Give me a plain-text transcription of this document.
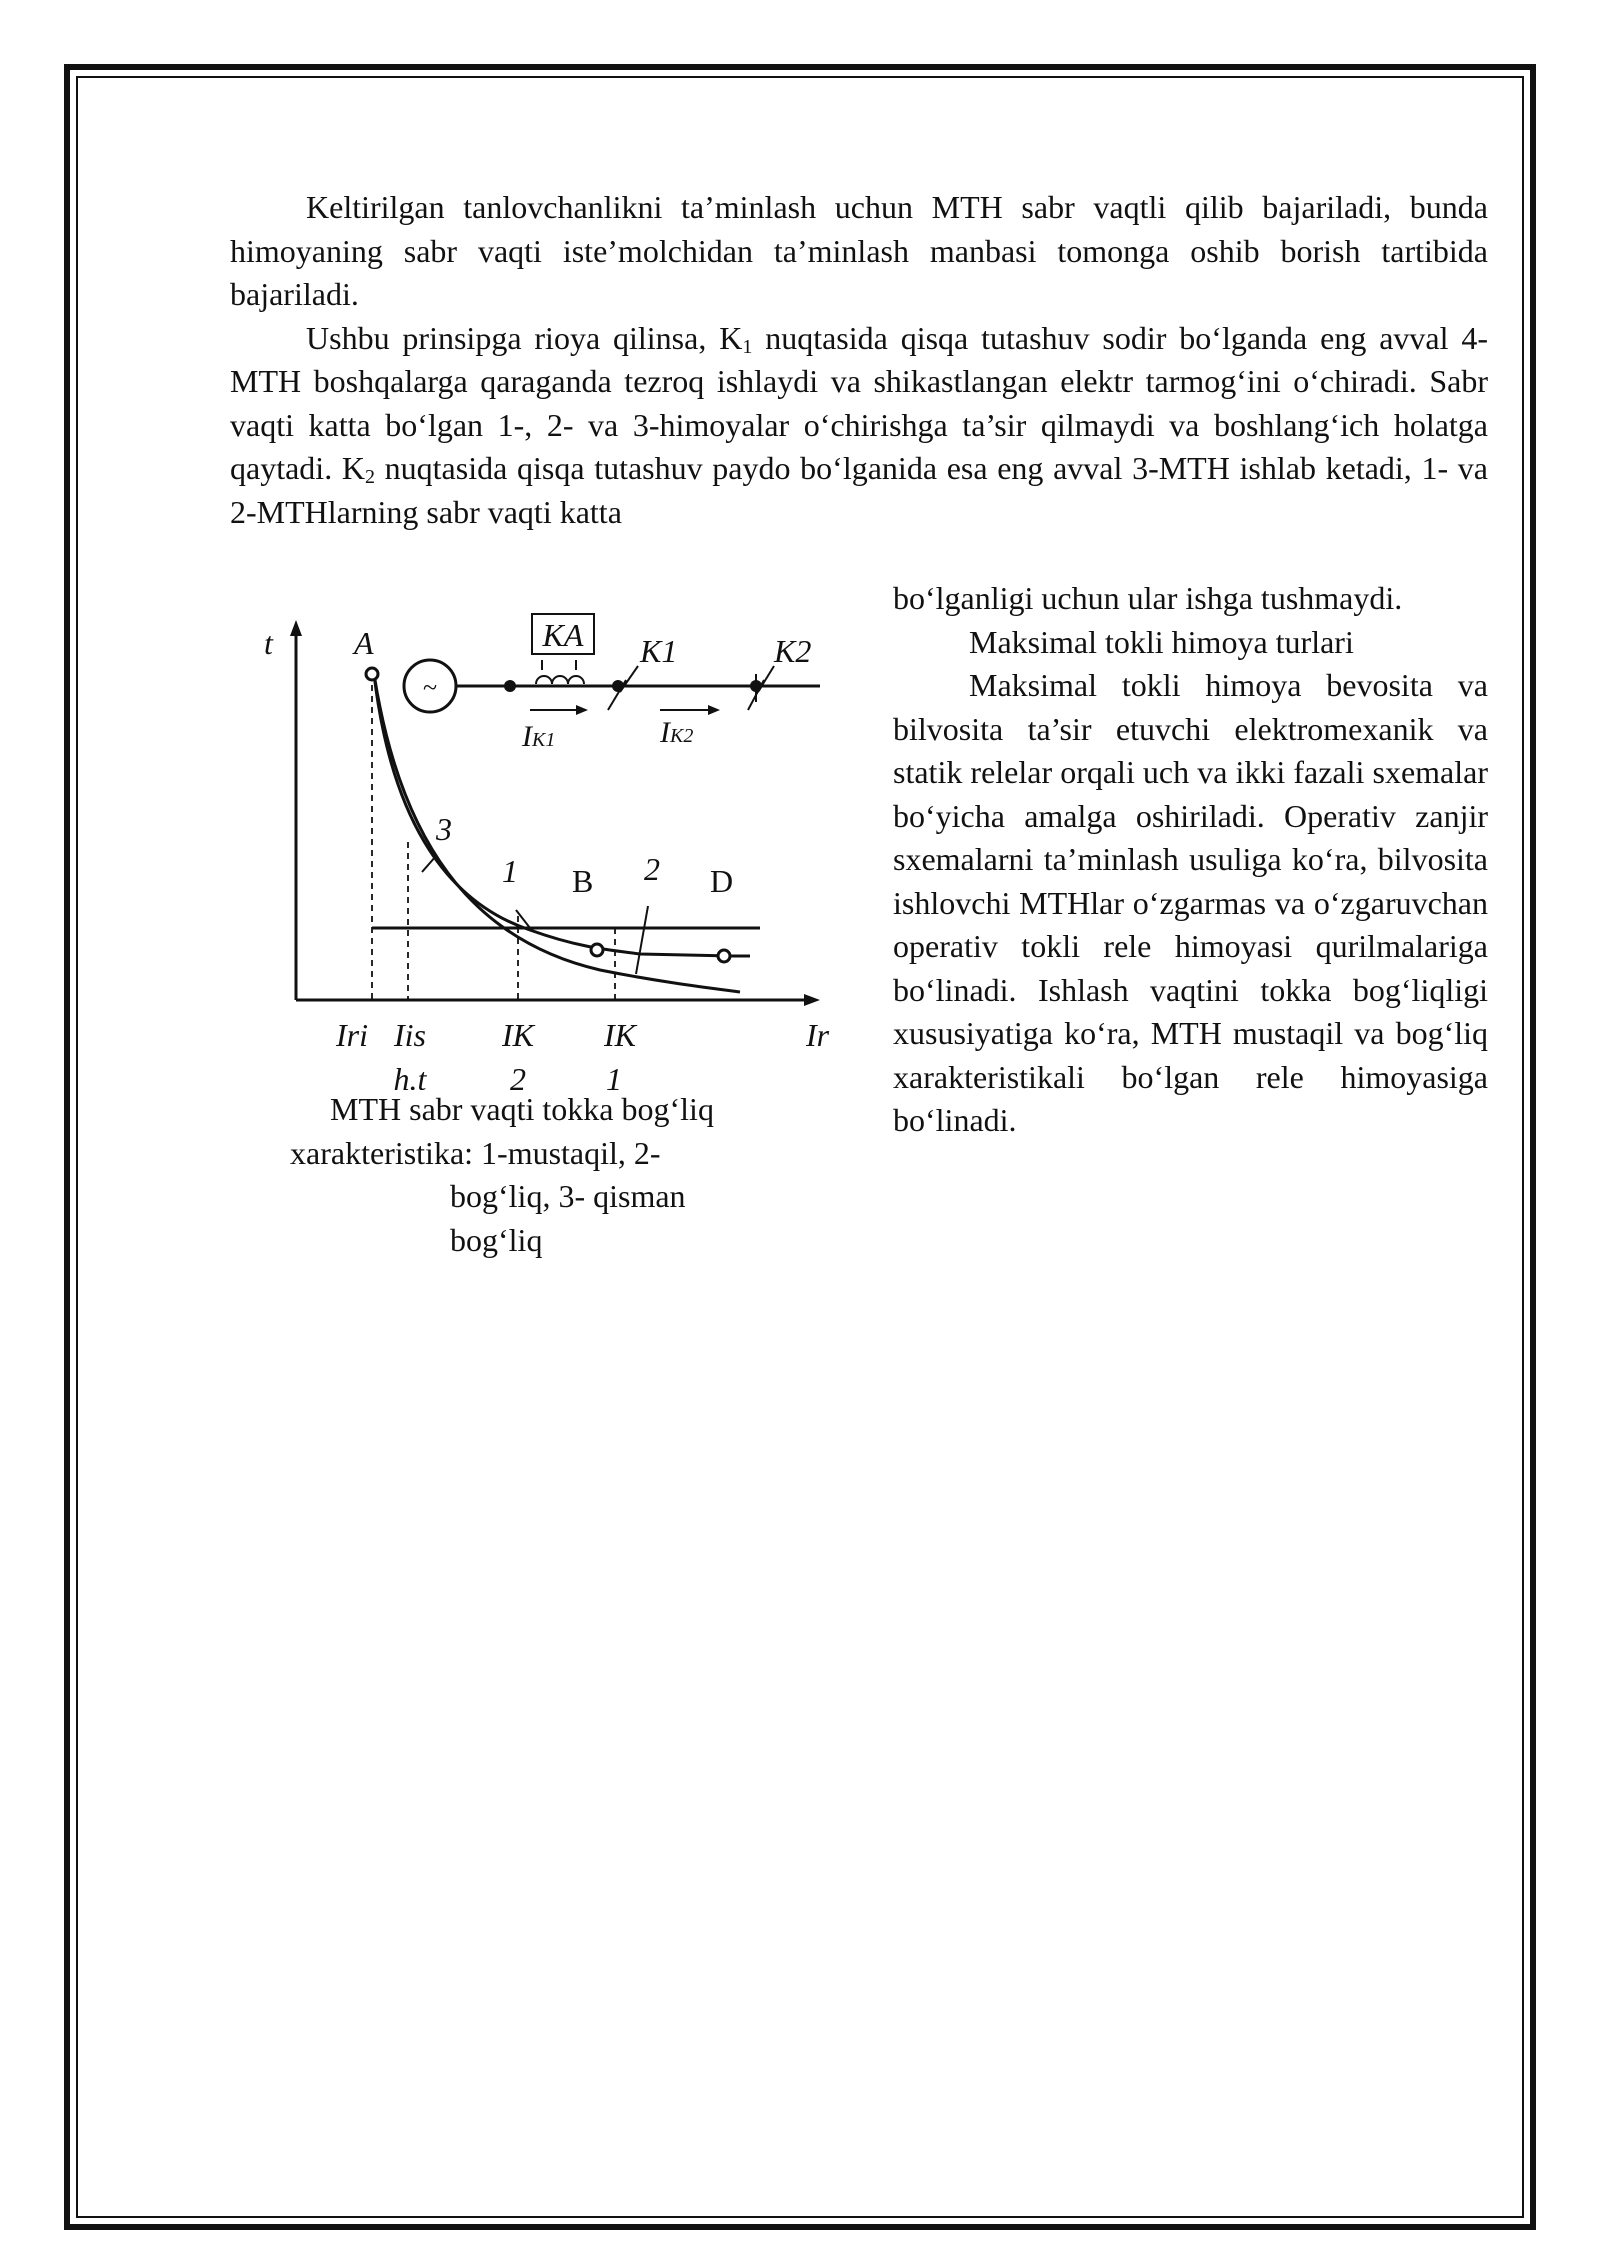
Keltirilgan tanlovchanlikni ta’minlash uchun MTH sabr vaqtli qilib bajariladi, bunda himoyaning sabr vaqti iste’molchidan ta’minlash manbasi tomonga oshib borish tartibida bajariladi.

Ushbu prinsipga rioya qilinsa, $K_1$ nuqtasida qisqa tutashuv sodir boʻlganda eng avval 4-MTH boshqalarga qaraganda tezroq ishlaydi va shikastlangan elektr tarmogʻini oʻchiradi. Sabr vaqti katta boʻlgan 1-, 2- va 3-himoyalar oʻchirishga ta’sir qilmaydi va boshlangʻich holatga qaytadi. $K_2$ nuqtasida qisqa tutashuv paydo boʻlganida esa eng avval 3-MTH ishlab ketadi, 1- va 2-MTHlarning sabr vaqti katta

boʻlganligi uchun ular ishga tushmaydi.

Maksimal tokli himoya turlari

Maksimal tokli himoya bevosita va bilvosita ta’sir etuvchi elektromexanik va statik relelar orqali uch va ikki fazali sxemalar boʻyicha amalga oshiriladi. Operativ zanjir sxemalarni ta’minlash usuliga koʻra, bilvosita ishlovchi MTHlar oʻzgarmas va oʻzgaruvchan operativ tokli rele himoyasi qurilmalariga boʻlinadi. Ishlash vaqtini tokka bogʻliqligi xususiyatiga koʻra, MTH mustaqil va bogʻliq xarakteristikali boʻlgan rele himoyasiga boʻlinadi.

~
KA K1	K2
IK1	IK2
t
Ir
A
B	D
3
1	2
Iri Iis
h.t
IK
2
IK
1
MTH sabr vaqti tokka bogʻliq
xarakteristika: 1-mustaqil, 2-
bogʻliq, 3- qisman
bogʻliq
